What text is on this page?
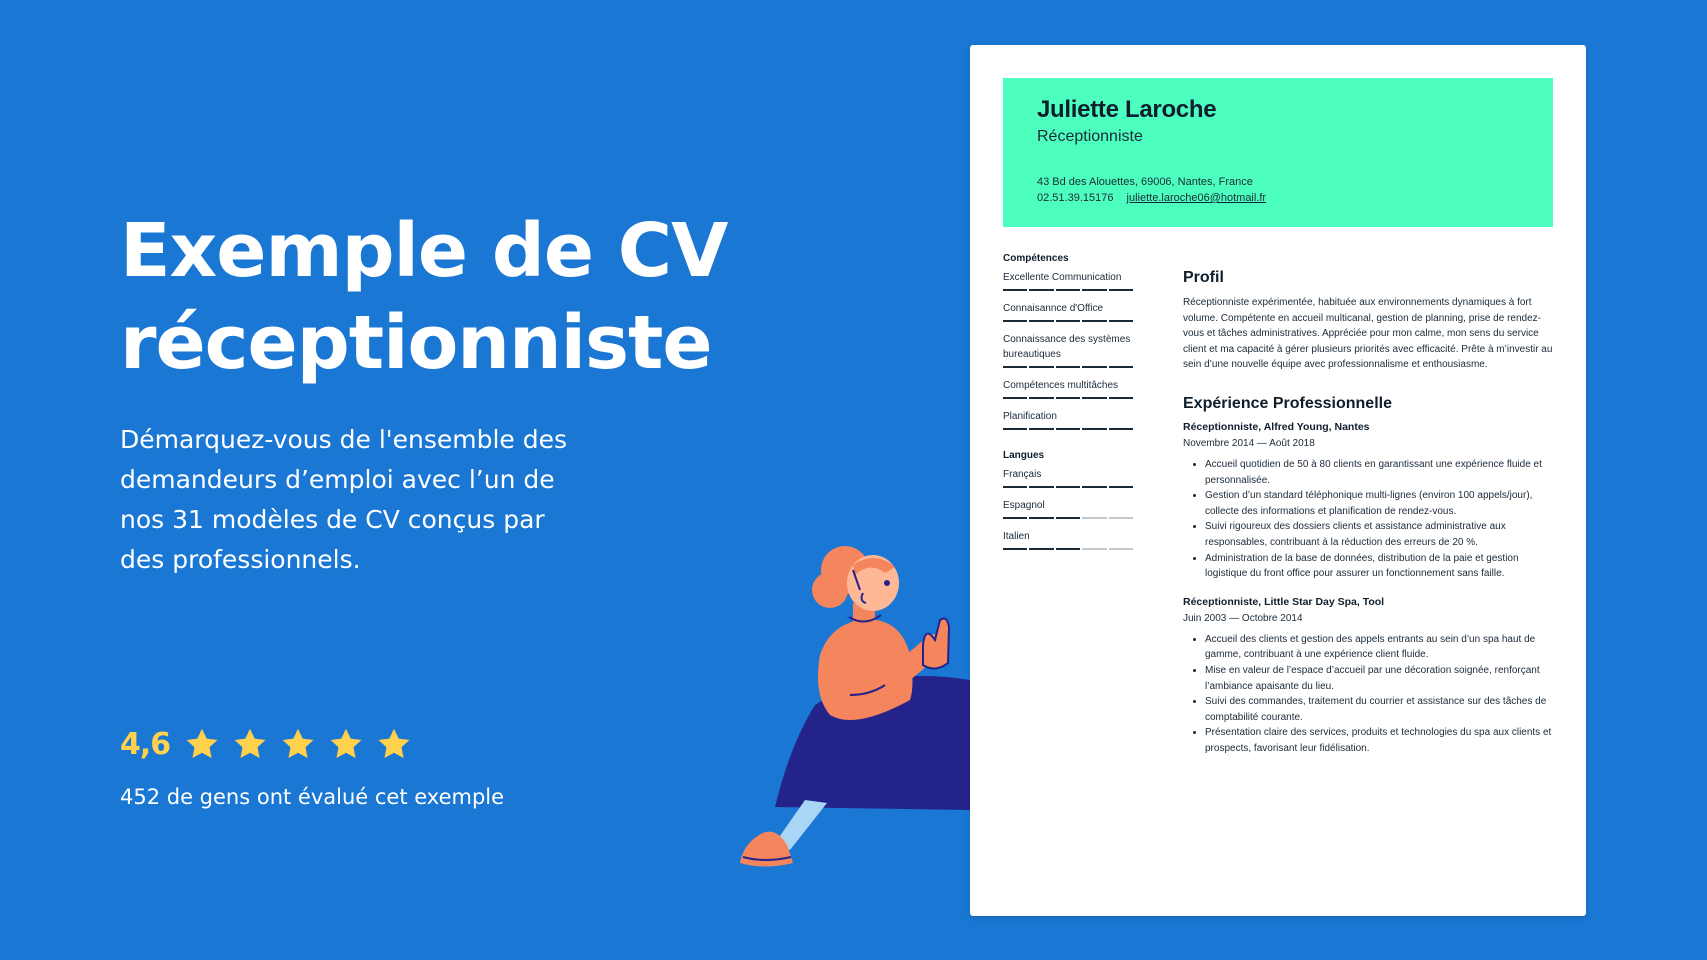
Exemple de CV
réceptionniste

Démarquez-vous de l'ensemble des demandeurs d’emploi avec l’un de nos 31 modèles de CV conçus par des professionnels.

4,6
452 de gens ont évalué cet exemple
Juliette Laroche
Réceptionniste
43 Bd des Alouettes, 69006, Nantes, France
02.51.39.15176 juliette.laroche06@hotmail.fr
Compétences
Excellente Communication
Connaisannce d'Office
Connaissance des systèmes bureautiques
Compétences multitâches
Planification
Langues
Français
Espagnol
Italien
Profil

Réceptionniste expérimentée, habituée aux environnements dynamiques à fort volume. Compétente en accueil multicanal, gestion de planning, prise de rendez-vous et tâches administratives. Appréciée pour mon calme, mon sens du service client et ma capacité à gérer plusieurs priorités avec efficacité. Prête à m’investir au sein d’une nouvelle équipe avec professionnalisme et enthousiasme.

Expérience Professionnelle
Réceptionniste, Alfred Young, Nantes
Novembre 2014 — Août 2018
• Accueil quotidien de 50 à 80 clients en garantissant une expérience fluide et personnalisée.
• Gestion d’un standard téléphonique multi-lignes (environ 100 appels/jour), collecte des informations et planification de rendez-vous.
• Suivi rigoureux des dossiers clients et assistance administrative aux responsables, contribuant à la réduction des erreurs de 20 %.
• Administration de la base de données, distribution de la paie et gestion logistique du front office pour assurer un fonctionnement sans faille.
Réceptionniste, Little Star Day Spa, Tool
Juin 2003 — Octobre 2014
• Accueil des clients et gestion des appels entrants au sein d’un spa haut de gamme, contribuant à une expérience client fluide.
• Mise en valeur de l’espace d’accueil par une décoration soignée, renforçant l’ambiance apaisante du lieu.
• Suivi des commandes, traitement du courrier et assistance sur des tâches de comptabilité courante.
• Présentation claire des services, produits et technologies du spa aux clients et prospects, favorisant leur fidélisation.
